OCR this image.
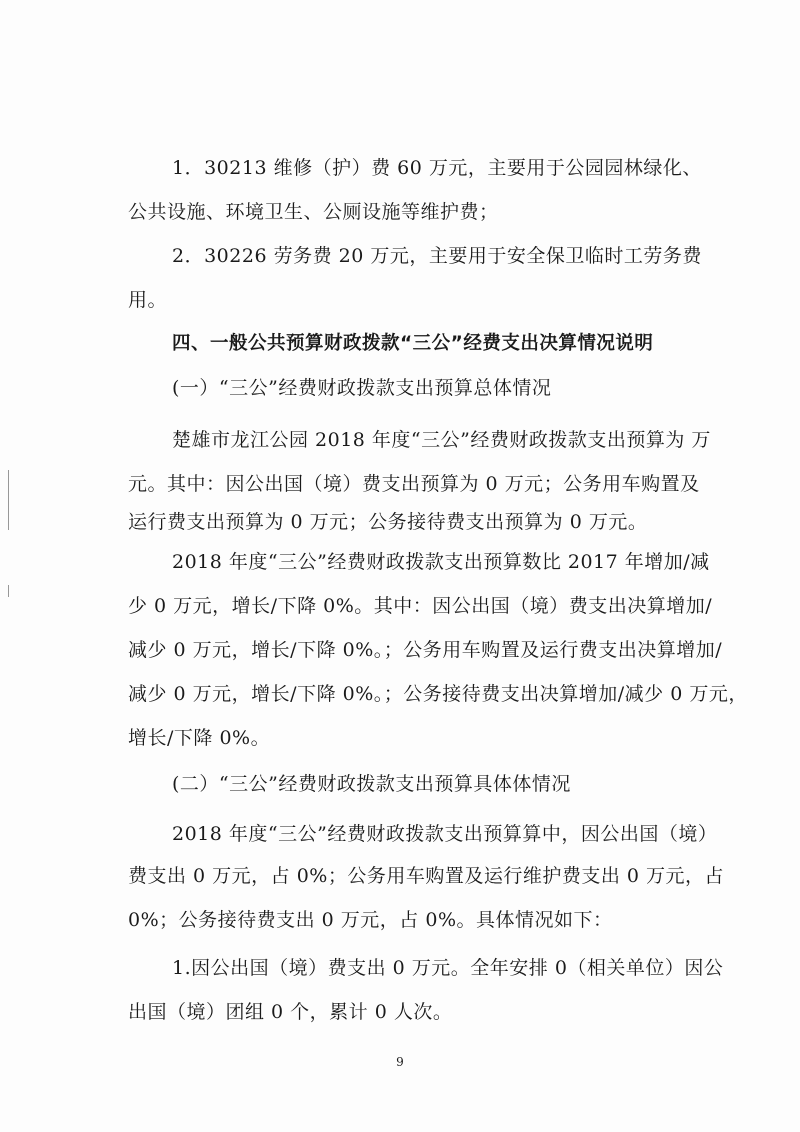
1．30213 维修（护）费 60 万元，主要用于公园园林绿化、
公共设施、环境卫生、公厕设施等维护费；
2．30226 劳务费 20 万元，主要用于安全保卫临时工劳务费
用。
四、一般公共预算财政拨款“三公”经费支出决算情况说明
(一）“三公”经费财政拨款支出预算总体情况
楚雄市龙江公园 2018 年度“三公”经费财政拨款支出预算为 万
元。其中：因公出国（境）费支出预算为 0 万元；公务用车购置及
运行费支出预算为 0 万元；公务接待费支出预算为 0 万元。
2018 年度“三公”经费财政拨款支出预算数比 2017 年增加/减
少 0 万元，增长/下降 0%。其中：因公出国（境）费支出决算增加/
减少 0 万元，增长/下降 0%。；公务用车购置及运行费支出决算增加/
减少 0 万元，增长/下降 0%。；公务接待费支出决算增加/减少 0 万元，
增长/下降 0%。
(二）“三公”经费财政拨款支出预算具体体情况
2018 年度“三公”经费财政拨款支出预算算中，因公出国（境）
费支出 0 万元，占 0%；公务用车购置及运行维护费支出 0 万元，占
0%；公务接待费支出 0 万元，占 0%。具体情况如下：
1.因公出国（境）费支出 0 万元。全年安排 0（相关单位）因公
出国（境）团组 0 个，累计 0 人次。
9
